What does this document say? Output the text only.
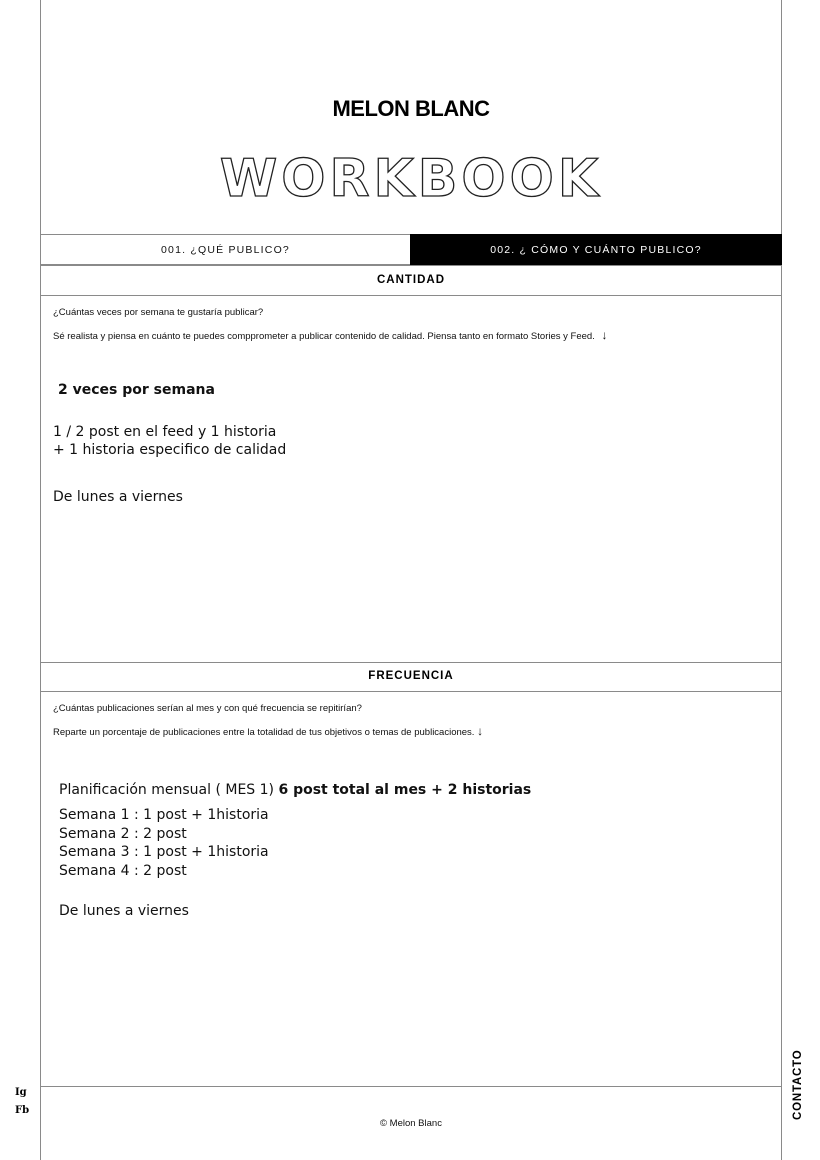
MELON BLANC
WORKBOOK
001. ¿QUÉ PUBLICO?	002. ¿ CÓMO Y CUÁNTO PUBLICO?
CANTIDAD
¿Cuántas veces por semana te gustaría publicar?
Sé realista y piensa en cuánto te puedes compprometer a publicar contenido de calidad. Piensa tanto en formato Stories y Feed. ↓
2 veces por semana
1 / 2 post en el feed y 1 historia
+ 1 historia especifico de calidad
De lunes a viernes
FRECUENCIA
¿Cuántas publicaciones serían al mes y con qué frecuencia se repitirían?
Reparte un porcentaje de publicaciones entre la totalidad de tus objetivos o temas de publicaciones. ↓
Planificación mensual ( MES 1) 6 post total al mes + 2 historias
Semana 1 : 1 post + 1historia
Semana 2 : 2 post
Semana 3 : 1 post + 1historia
Semana 4 : 2 post
De lunes a viernes
Ig
Fb	CONTACTO
© Melon Blanc
